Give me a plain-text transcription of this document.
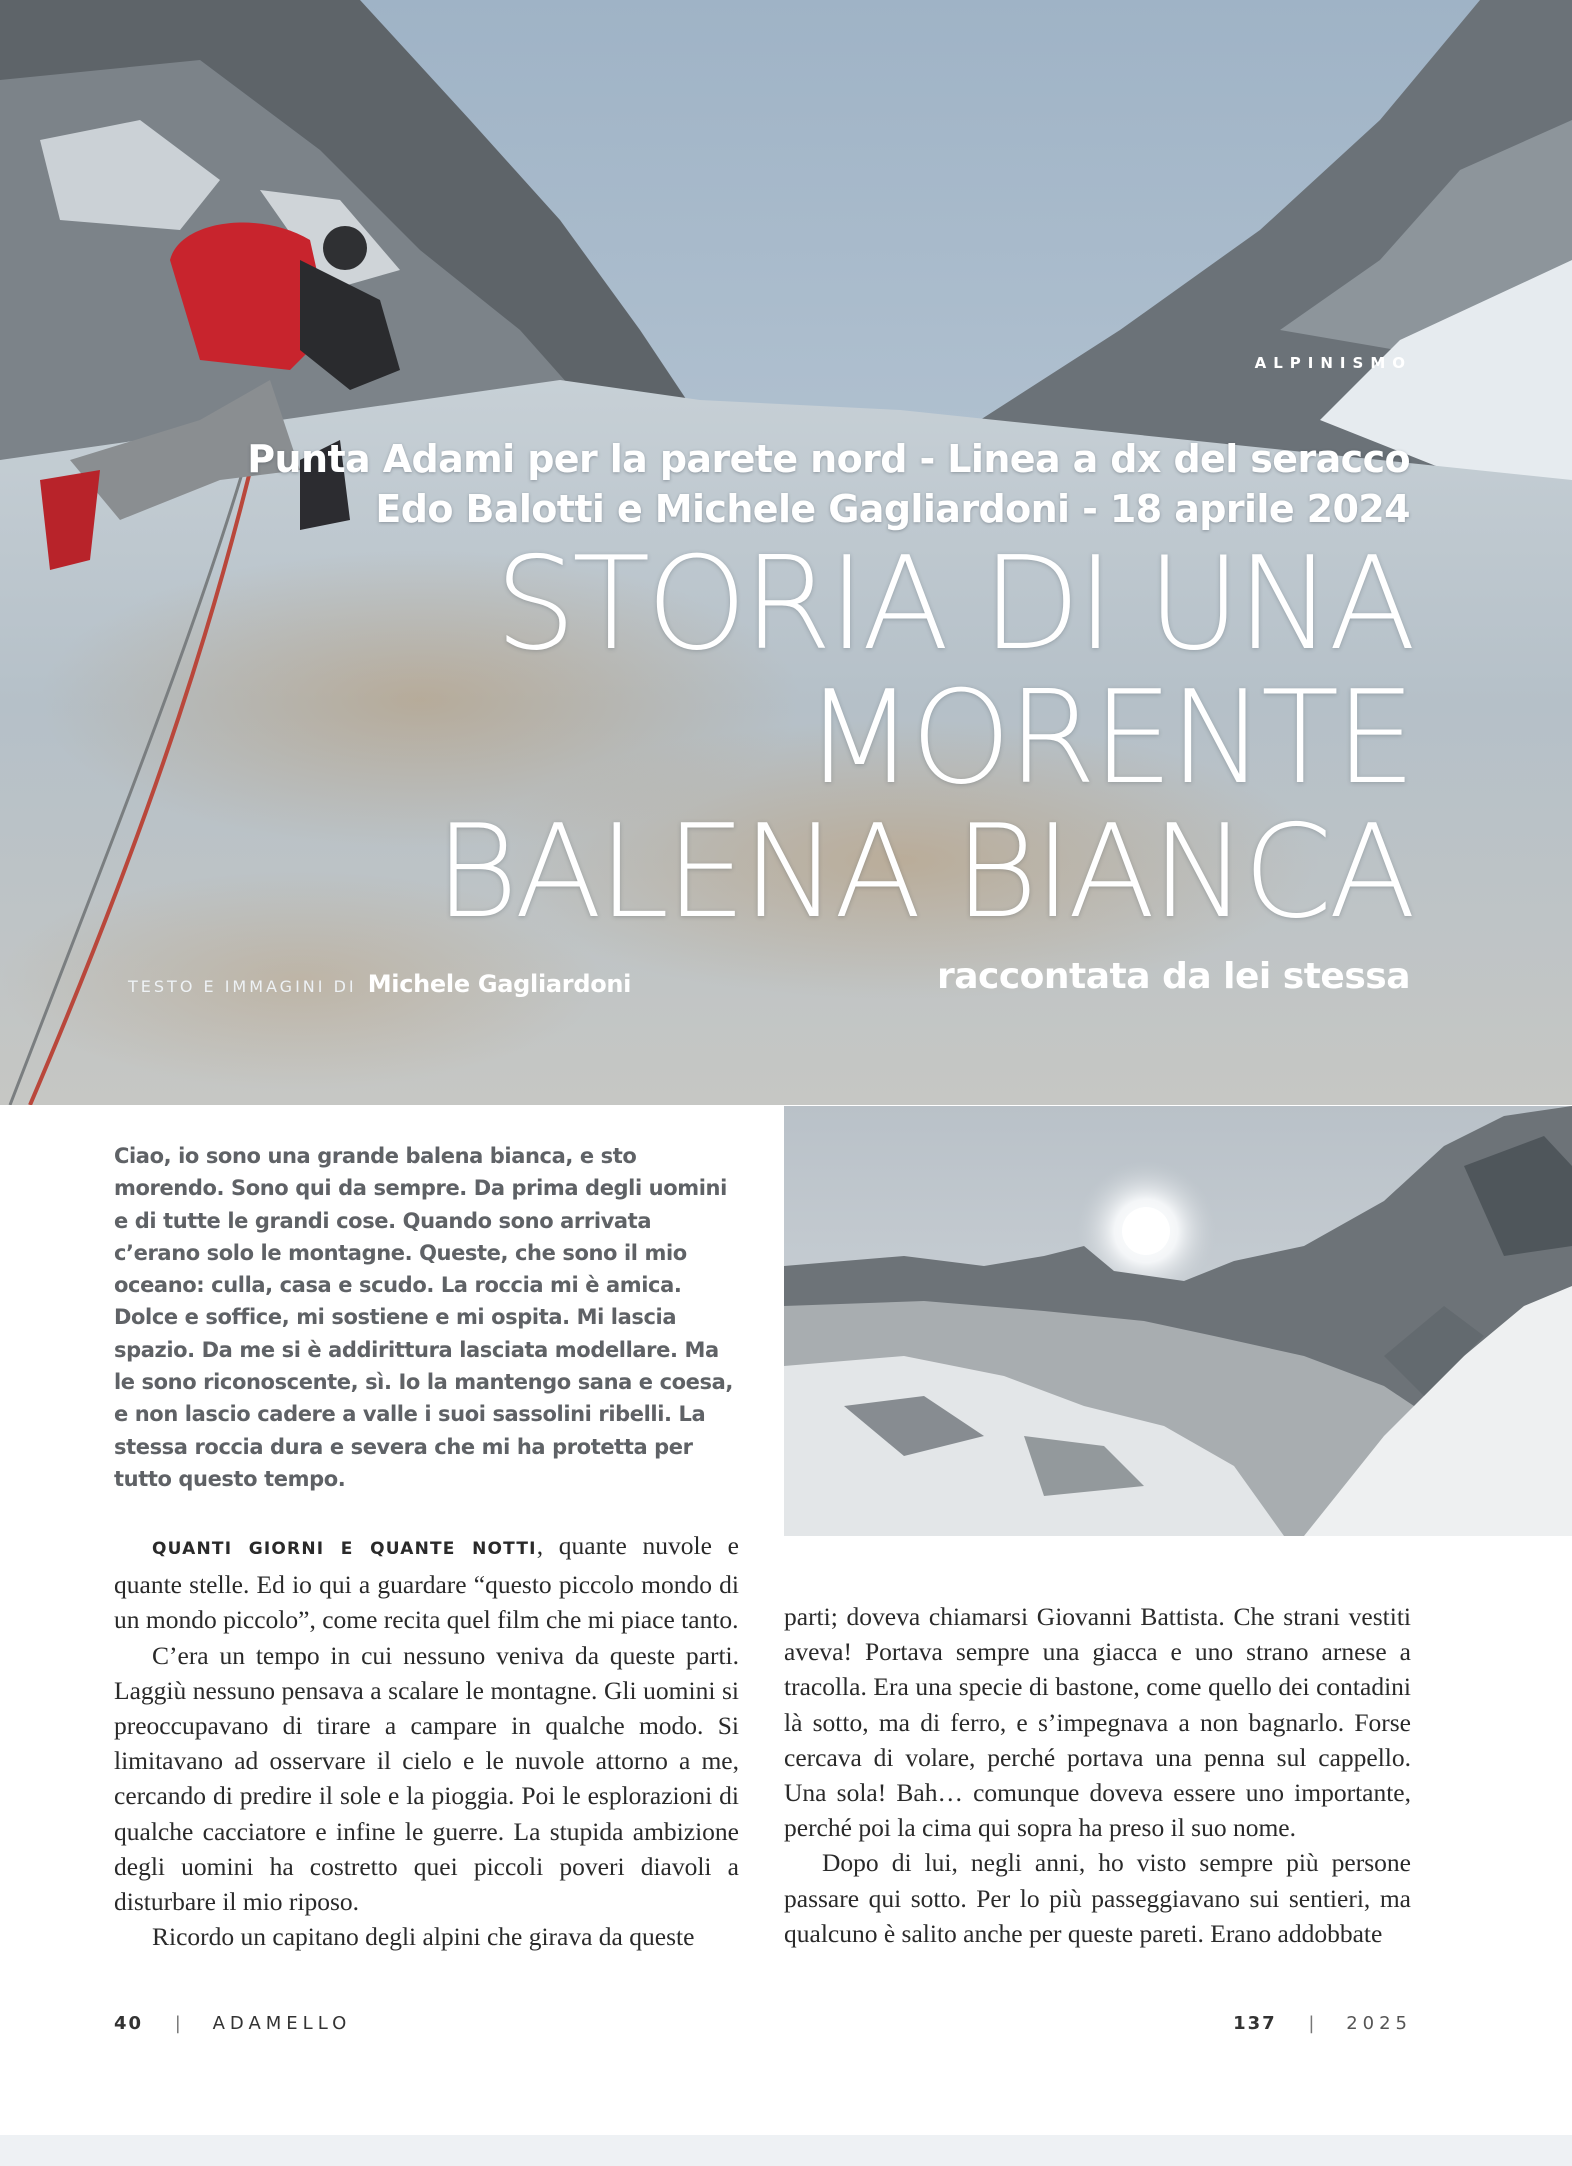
ALPINISMO
Punta Adami per la parete nord - Linea a dx del seracco
Edo Balotti e Michele Gagliardoni - 18 aprile 2024
STORIA DI UNA
MORENTE
BALENA BIANCA
raccontata da lei stessa
TESTO E IMMAGINI DI Michele Gagliardoni
Ciao, io sono una grande balena bianca, e sto morendo. Sono qui da sempre. Da prima degli uomini e di tutte le grandi cose. Quando sono arrivata c’erano solo le montagne. Queste, che sono il mio oceano: culla, casa e scudo. La roccia mi è amica. Dolce e soffice, mi sostiene e mi ospita. Mi lascia spazio. Da me si è addirittura lasciata modellare. Ma le sono riconoscente, sì. Io la mantengo sana e coesa, e non lascio cadere a valle i suoi sassolini ribelli. La stessa roccia dura e severa che mi ha protetta per tutto questo tempo.

QUANTI GIORNI E QUANTE NOTTI, quante nuvole e quante stelle. Ed io qui a guardare “questo piccolo mondo di un mondo piccolo”, come recita quel film che mi piace tanto.

C’era un tempo in cui nessuno veniva da queste parti. Laggiù nessuno pensava a scalare le montagne. Gli uomini si preoccupavano di tirare a campare in qualche modo. Si limitavano ad osservare il cielo e le nuvole attorno a me, cercando di predire il sole e la pioggia. Poi le esplorazioni di qualche cacciatore e infine le guerre. La stupida ambizione degli uomini ha costretto quei piccoli poveri diavoli a disturbare il mio riposo.

Ricordo un capitano degli alpini che girava da queste

parti; doveva chiamarsi Giovanni Battista. Che strani vestiti aveva! Portava sempre una giacca e uno strano arnese a tracolla. Era una specie di bastone, come quello dei contadini là sotto, ma di ferro, e s’impegnava a non bagnarlo. Forse cercava di volare, perché portava una penna sul cappello. Una sola! Bah… comunque doveva essere uno importante, perché poi la cima qui sopra ha preso il suo nome.

Dopo di lui, negli anni, ho visto sempre più persone passare qui sotto. Per lo più passeggiavano sui sentieri, ma qualcuno è salito anche per queste pareti. Erano addobbate

40 | ADAMELLO	137 | 2025
